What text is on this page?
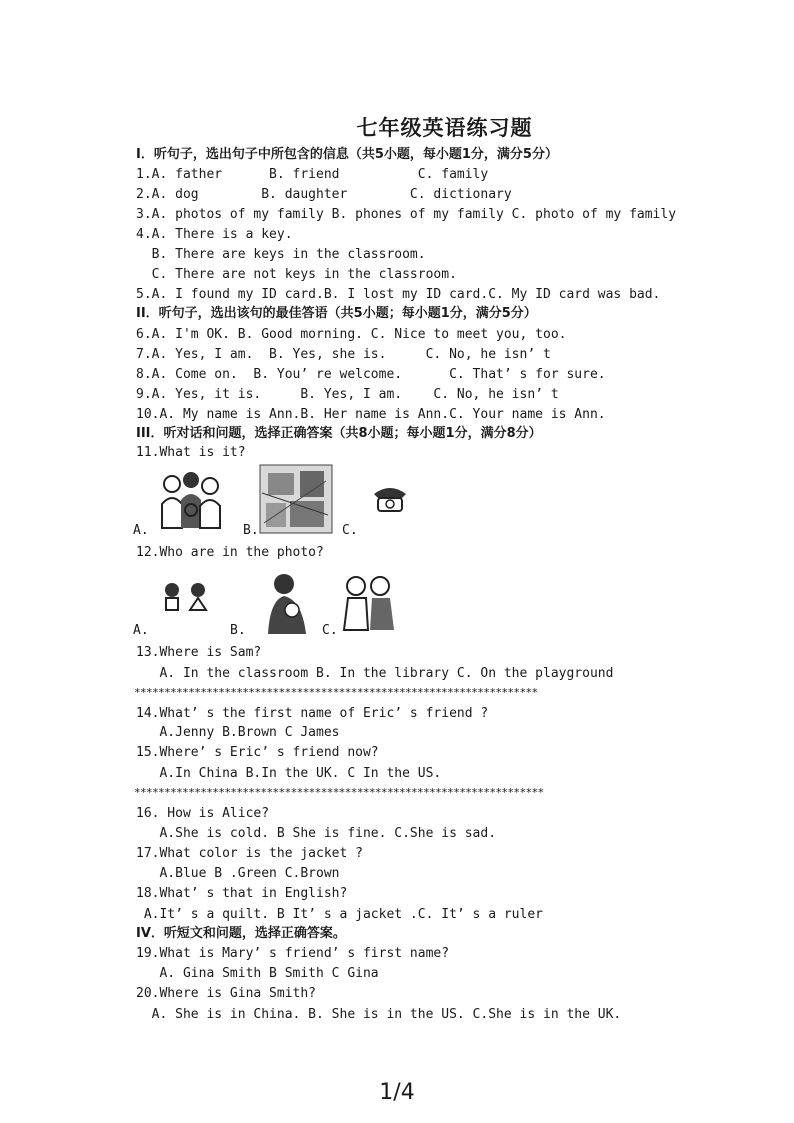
七年级英语练习题
I．听句子，选出句子中所包含的信息（共5小题，每小题1分，满分5分）
1.A. father      B. friend          C. family
2.A. dog        B. daughter        C. dictionary
3.A. photos of my family B. phones of my family C. photo of my family
4.A. There is a key.
B. There are keys in the classroom.
C. There are not keys in the classroom.
5.A. I found my ID card.B. I lost my ID card.C. My ID card was bad.
II．听句子，选出该句的最佳答语（共5小题；每小题1分，满分5分）
6.A. I'm OK. B. Good morning. C. Nice to meet you, too.
7.A. Yes, I am.  B. Yes, she is.     C. No, he isn’ t
8.A. Come on.  B. You’ re welcome.      C. That’ s for sure.
9.A. Yes, it is.     B. Yes, I am.    C. No, he isn’ t
10.A. My name is Ann.B. Her name is Ann.C. Your name is Ann.
III．听对话和问题，选择正确答案（共8小题；每小题1分，满分8分）
11.What is it?
A.	B.	C.
12.Who are in the photo?
A.	B.	C.
13.Where is Sam?
A. In the classroom B. In the library C. On the playground
*******************************************************************
14.What’ s the first name of Eric’ s friend ?
A.Jenny B.Brown C James
15.Where’ s Eric’ s friend now?
A.In China B.In the UK. C In the US.
********************************************************************
16. How is Alice?
A.She is cold. B She is fine. C.She is sad.
17.What color is the jacket ?
A.Blue B .Green C.Brown
18.What’ s that in English?
A.It’ s a quilt. B It’ s a jacket .C. It’ s a ruler
IV．听短文和问题，选择正确答案。
19.What is Mary’ s friend’ s first name?
A. Gina Smith B Smith C Gina
20.Where is Gina Smith?
A. She is in China. B. She is in the US. C.She is in the UK.
1/4
